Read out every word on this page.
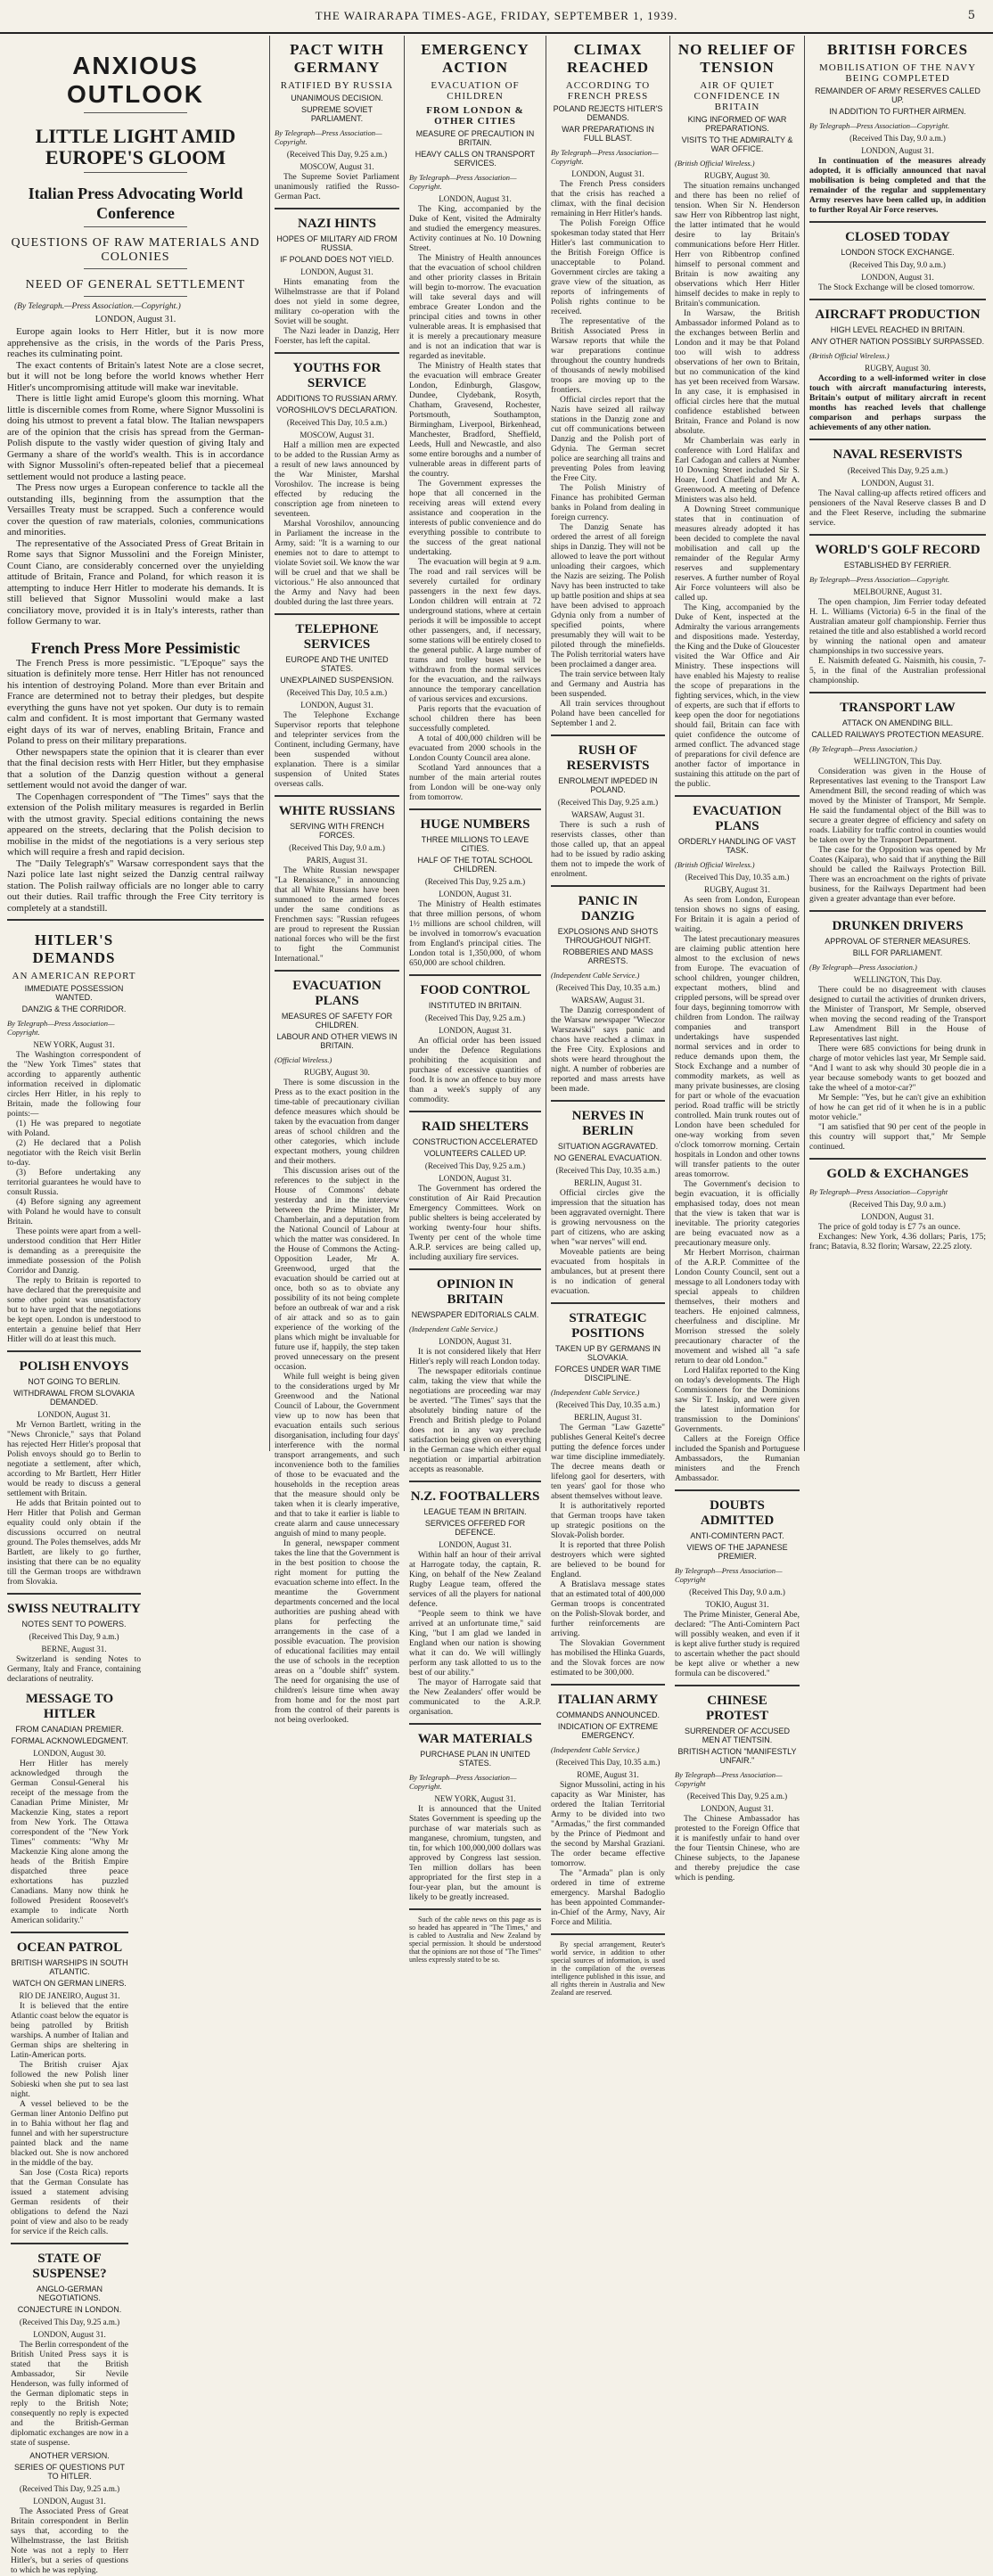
THE WAIRARAPA TIMES-AGE, FRIDAY, SEPTEMBER 1, 1939.	5
ANXIOUS OUTLOOK
LITTLE LIGHT AMID EUROPE'S GLOOM
Italian Press Advocating World Conference
QUESTIONS OF RAW MATERIALS AND COLONIES
NEED OF GENERAL SETTLEMENT
(By Telegraph.—Press Association.—Copyright.)
LONDON, August 31.

Europe again looks to Herr Hitler, but it is now more apprehensive as the crisis, in the words of the Paris Press, reaches its culminating point.

The exact contents of Britain's latest Note are a close secret, but it will not be long before the world knows whether Herr Hitler's uncompromising attitude will make war inevitable.

There is little light amid Europe's gloom this morning. What little is discernible comes from Rome, where Signor Mussolini is doing his utmost to prevent a fatal blow. The Italian newspapers are of the opinion that the crisis has spread from the German-Polish dispute to the vastly wider question of giving Italy and Germany a share of the world's wealth. This is in accordance with Signor Mussolini's often-repeated belief that a piecemeal settlement would not produce a lasting peace.

The Press now urges a European conference to tackle all the outstanding ills, beginning from the assumption that the Versailles Treaty must be scrapped. Such a conference would cover the question of raw materials, colonies, communications and minorities.

The representative of the Associated Press of Great Britain in Rome says that Signor Mussolini and the Foreign Minister, Count Ciano, are considerably concerned over the unyielding attitude of Britain, France and Poland, for which reason it is attempting to induce Herr Hitler to moderate his demands. It is still believed that Signor Mussolini would make a last conciliatory move, provided it is in Italy's interests, rather than follow Germany to war.

French Press More Pessimistic

The French Press is more pessimistic. "L'Epoque" says the situation is definitely more tense. Herr Hitler has not renounced his intention of destroying Poland. More than ever Britain and France are determined not to betray their pledges, but despite everything the guns have not yet spoken. Our duty is to remain calm and confident. It is most important that Germany wasted eight days of its war of nerves, enabling Britain, France and Poland to press on their military preparations.

Other newspapers state the opinion that it is clearer than ever that the final decision rests with Herr Hitler, but they emphasise that a solution of the Danzig question without a general settlement would not avoid the danger of war.

The Copenhagen correspondent of "The Times" says that the extension of the Polish military measures is regarded in Berlin with the utmost gravity. Special editions containing the news appeared on the streets, declaring that the Polish decision to mobilise in the midst of the negotiations is a very serious step which will require a fresh and rapid decision.

The "Daily Telegraph's" Warsaw correspondent says that the Nazi police late last night seized the Danzig central railway station. The Polish railway officials are no longer able to carry out their duties. Rail traffic through the Free City territory is completely at a standstill.

HITLER'S DEMANDS
AN AMERICAN REPORT
IMMEDIATE POSSESSION WANTED.
DANZIG & THE CORRIDOR.
By Telegraph—Press Association—Copyright.
NEW YORK, August 31.

The Washington correspondent of the "New York Times" states that according to apparently authentic information received in diplomatic circles Herr Hitler, in his reply to Britain, made the following four points:—

(1) He was prepared to negotiate with Poland.

(2) He declared that a Polish negotiator with the Reich visit Berlin to-day.

(3) Before undertaking any territorial guarantees he would have to consult Russia.

(4) Before signing any agreement with Poland he would have to consult Britain.

These points were apart from a well-understood condition that Herr Hitler is demanding as a prerequisite the immediate possession of the Polish Corridor and Danzig.

The reply to Britain is reported to have declared that the prerequisite and some other point was unsatisfactory but to have urged that the negotiations be kept open. London is understood to entertain a genuine belief that Herr Hitler will do at least this much.

POLISH ENVOYS
NOT GOING TO BERLIN.
WITHDRAWAL FROM SLOVAKIA DEMANDED.
LONDON, August 31.

Mr Vernon Bartlett, writing in the "News Chronicle," says that Poland has rejected Herr Hitler's proposal that Polish envoys should go to Berlin to negotiate a settlement, after which, according to Mr Bartlett, Herr Hitler would be ready to discuss a general settlement with Britain.

He adds that Britain pointed out to Herr Hitler that Polish and German equality could only obtain if the discussions occurred on neutral ground. The Poles themselves, adds Mr Bartlett, are likely to go further, insisting that there can be no equality till the German troops are withdrawn from Slovakia.

SWISS NEUTRALITY
NOTES SENT TO POWERS.
(Received This Day, 9 a.m.)
BERNE, August 31.

Switzerland is sending Notes to Germany, Italy and France, containing declarations of neutrality.

MESSAGE TO HITLER
FROM CANADIAN PREMIER.
FORMAL ACKNOWLEDGMENT.
LONDON, August 30.

Herr Hitler has merely acknowledged through the German Consul-General his receipt of the message from the Canadian Prime Minister, Mr Mackenzie King, states a report from New York. The Ottawa correspondent of the "New York Times" comments: "Why Mr Mackenzie King alone among the heads of the British Empire dispatched three peace exhortations has puzzled Canadians. Many now think he followed President Roosevelt's example to indicate North American solidarity."

OCEAN PATROL
BRITISH WARSHIPS IN SOUTH ATLANTIC.
WATCH ON GERMAN LINERS.
RIO DE JANEIRO, August 31.

It is believed that the entire Atlantic coast below the equator is being patrolled by British warships. A number of Italian and German ships are sheltering in Latin-American ports.

The British cruiser Ajax followed the new Polish liner Sobieski when she put to sea last night.

A vessel believed to be the German liner Antonio Delfino put in to Bahia without her flag and funnel and with her superstructure painted black and the name blacked out. She is now anchored in the middle of the bay.

San Jose (Costa Rica) reports that the German Consulate has issued a statement advising German residents of their obligations to defend the Nazi point of view and also to be ready for service if the Reich calls.

STATE OF SUSPENSE?
ANGLO-GERMAN NEGOTIATIONS.
CONJECTURE IN LONDON.
(Received This Day, 9.25 a.m.)
LONDON, August 31.

The Berlin correspondent of the British United Press says it is stated that the British Ambassador, Sir Nevile Henderson, was fully informed of the German diplomatic steps in reply to the British Note; consequently no reply is expected and the British-German diplomatic exchanges are now in a state of suspense.

ANOTHER VERSION.
SERIES OF QUESTIONS PUT TO HITLER.
(Received This Day, 9.25 a.m.)
LONDON, August 31.

The Associated Press of Great Britain correspondent in Berlin says that, according to the Wilhelmstrasse, the last British Note was not a reply to Herr Hitler's, but a series of questions to which he was replying.

PACT WITH GERMANY
RATIFIED BY RUSSIA
UNANIMOUS DECISION.
SUPREME SOVIET PARLIAMENT.
By Telegraph—Press Association—Copyright.
(Received This Day, 9.25 a.m.)
MOSCOW, August 31.

The Supreme Soviet Parliament unanimously ratified the Russo-German Pact.

NAZI HINTS
HOPES OF MILITARY AID FROM RUSSIA.
IF POLAND DOES NOT YIELD.
LONDON, August 31.

Hints emanating from the Wilhelmstrasse are that if Poland does not yield in some degree, military co-operation with the Soviet will be sought.

The Nazi leader in Danzig, Herr Foerster, has left the capital.

YOUTHS FOR SERVICE
ADDITIONS TO RUSSIAN ARMY.
VOROSHILOV'S DECLARATION.
(Received This Day, 10.5 a.m.)
MOSCOW, August 31.

Half a million men are expected to be added to the Russian Army as a result of new laws announced by the War Minister, Marshal Voroshilov. The increase is being effected by reducing the conscription age from nineteen to seventeen.

Marshal Voroshilov, announcing in Parliament the increase in the Army, said: "It is a warning to our enemies not to dare to attempt to violate Soviet soil. We know the war will be cruel and that we shall be victorious." He also announced that the Army and Navy had been doubled during the last three years.

TELEPHONE SERVICES
EUROPE AND THE UNITED STATES.
UNEXPLAINED SUSPENSION.
(Received This Day, 10.5 a.m.)
LONDON, August 31.

The Telephone Exchange Supervisor reports that telephone and teleprinter services from the Continent, including Germany, have been suspended without explanation. There is a similar suspension of United States overseas calls.

WHITE RUSSIANS
SERVING WITH FRENCH FORCES.
(Received This Day, 9.0 a.m.)
PARIS, August 31.

The White Russian newspaper "La Renaissance," in announcing that all White Russians have been summoned to the armed forces under the same conditions as Frenchmen says: "Russian refugees are proud to represent the Russian national forces who will be the first to fight the Communist International."

EVACUATION PLANS
MEASURES OF SAFETY FOR CHILDREN.
LABOUR AND OTHER VIEWS IN BRITAIN.
(Official Wireless.)
RUGBY, August 30.

There is some discussion in the Press as to the exact position in the time-table of precautionary civilian defence measures which should be taken by the evacuation from danger areas of school children and the other categories, which include expectant mothers, young children and their mothers.

This discussion arises out of the references to the subject in the House of Commons' debate yesterday and in the interview between the Prime Minister, Mr Chamberlain, and a deputation from the National Council of Labour at which the matter was considered. In the House of Commons the Acting-Opposition Leader, Mr A. Greenwood, urged that the evacuation should be carried out at once, both so as to obviate any possibility of its not being complete before an outbreak of war and a risk of air attack and so as to gain experience of the working of the plans which might be invaluable for future use if, happily, the step taken proved unnecessary on the present occasion.

While full weight is being given to the considerations urged by Mr Greenwood and the National Council of Labour, the Government view up to now has been that evacuation entails such serious disorganisation, including four days' interference with the normal transport arrangements, and such inconvenience both to the families of those to be evacuated and the households in the reception areas that the measure should only be taken when it is clearly imperative, and that to take it earlier is liable to create alarm and cause unnecessary anguish of mind to many people.

In general, newspaper comment takes the line that the Government is in the best position to choose the right moment for putting the evacuation scheme into effect. In the meantime the Government departments concerned and the local authorities are pushing ahead with plans for perfecting the arrangements in the case of a possible evacuation. The provision of educational facilities may entail the use of schools in the reception areas on a "double shift" system. The need for organising the use of children's leisure time when away from home and for the most part from the control of their parents is not being overlooked.

EMERGENCY ACTION
EVACUATION OF CHILDREN
FROM LONDON & OTHER CITIES
MEASURE OF PRECAUTION IN BRITAIN.
HEAVY CALLS ON TRANSPORT SERVICES.
By Telegraph—Press Association—Copyright.
LONDON, August 31.

The King, accompanied by the Duke of Kent, visited the Admiralty and studied the emergency measures. Activity continues at No. 10 Downing Street.

The Ministry of Health announces that the evacuation of school children and other priority classes in Britain will begin to-morrow. The evacuation will take several days and will embrace Greater London and the principal cities and towns in other vulnerable areas. It is emphasised that it is merely a precautionary measure and is not an indication that war is regarded as inevitable.

The Ministry of Health states that the evacuation will embrace Greater London, Edinburgh, Glasgow, Dundee, Clydebank, Rosyth, Chatham, Gravesend, Rochester, Portsmouth, Southampton, Birmingham, Liverpool, Birkenhead, Manchester, Bradford, Sheffield, Leeds, Hull and Newcastle, and also some entire boroughs and a number of vulnerable areas in different parts of the country.

The Government expresses the hope that all concerned in the receiving areas will extend every assistance and cooperation in the interests of public convenience and do everything possible to contribute to the success of the great national undertaking.

The evacuation will begin at 9 a.m. The road and rail services will be severely curtailed for ordinary passengers in the next few days. London children will entrain at 72 underground stations, where at certain periods it will be impossible to accept other passengers, and, if necessary, some stations will be entirely closed to the general public. A large number of trams and trolley buses will be withdrawn from the normal services for the evacuation, and the railways announce the temporary cancellation of various services and excursions.

Paris reports that the evacuation of school children there has been successfully completed.

A total of 400,000 children will be evacuated from 2000 schools in the London County Council area alone.

Scotland Yard announces that a number of the main arterial routes from London will be one-way only from tomorrow.

HUGE NUMBERS
THREE MILLIONS TO LEAVE CITIES.
HALF OF THE TOTAL SCHOOL CHILDREN.
(Received This Day, 9.25 a.m.)
LONDON, August 31.

The Ministry of Health estimates that three million persons, of whom 1½ millions are school children, will be involved in tomorrow's evacuation from England's principal cities. The London total is 1,350,000, of whom 650,000 are school children.

FOOD CONTROL
INSTITUTED IN BRITAIN.
(Received This Day, 9.25 a.m.)
LONDON, August 31.

An official order has been issued under the Defence Regulations prohibiting the acquisition and purchase of excessive quantities of food. It is now an offence to buy more than a week's supply of any commodity.

RAID SHELTERS
CONSTRUCTION ACCELERATED
VOLUNTEERS CALLED UP.
(Received This Day, 9.25 a.m.)
LONDON, August 31.

The Government has ordered the constitution of Air Raid Precaution Emergency Committees. Work on public shelters is being accelerated by working twenty-four hour shifts. Twenty per cent of the whole time A.R.P. services are being called up, including auxiliary fire services.

OPINION IN BRITAIN
NEWSPAPER EDITORIALS CALM.
(Independent Cable Service.)
LONDON, August 31.

It is not considered likely that Herr Hitler's reply will reach London today.

The newspaper editorials continue calm, taking the view that while the negotiations are proceeding war may be averted. "The Times" says that the absolutely binding nature of the French and British pledge to Poland does not in any way preclude satisfaction being given on everything in the German case which either equal negotiation or impartial arbitration accepts as reasonable.

N.Z. FOOTBALLERS
LEAGUE TEAM IN BRITAIN.
SERVICES OFFERED FOR DEFENCE.
LONDON, August 31.

Within half an hour of their arrival at Harrogate today, the captain, R. King, on behalf of the New Zealand Rugby League team, offered the services of all the players for national defence.

"People seem to think we have arrived at an unfortunate time," said King, "but I am glad we landed in England when our nation is showing what it can do. We will willingly perform any task allotted to us to the best of our ability."

The mayor of Harrogate said that the New Zealanders' offer would be communicated to the A.R.P. organisation.

WAR MATERIALS
PURCHASE PLAN IN UNITED STATES.
By Telegraph—Press Association—Copyright.
NEW YORK, August 31.

It is announced that the United States Government is speeding up the purchase of war materials such as manganese, chromium, tungsten, and tin, for which 100,000,000 dollars was approved by Congress last session. Ten million dollars has been appropriated for the first step in a four-year plan, but the amount is likely to be greatly increased.

Such of the cable news on this page as is so headed has appeared in "The Times," and is cabled to Australia and New Zealand by special permission. It should be understood that the opinions are not those of "The Times" unless expressly stated to be so.

CLIMAX REACHED
ACCORDING TO FRENCH PRESS
POLAND REJECTS HITLER'S DEMANDS.
WAR PREPARATIONS IN FULL BLAST.
By Telegraph—Press Association—Copyright.
LONDON, August 31.

The French Press considers that the crisis has reached a climax, with the final decision remaining in Herr Hitler's hands.

The Polish Foreign Office spokesman today stated that Herr Hitler's last communication to the British Foreign Office is unacceptable to Poland. Government circles are taking a grave view of the situation, as reports of infringements of Polish rights continue to be received.

The representative of the British Associated Press in Warsaw reports that while the war preparations continue throughout the country hundreds of thousands of newly mobilised troops are moving up to the frontiers.

Official circles report that the Nazis have seized all railway stations in the Danzig zone and cut off communications between Danzig and the Polish port of Gdynia. The German secret police are searching all trains and preventing Poles from leaving the Free City.

The Polish Ministry of Finance has prohibited German banks in Poland from dealing in foreign currency.

The Danzig Senate has ordered the arrest of all foreign ships in Danzig. They will not be allowed to leave the port without unloading their cargoes, which the Nazis are seizing. The Polish Navy has been instructed to take up battle position and ships at sea have been advised to approach Gdynia only from a number of specified points, where presumably they will wait to be piloted through the minefields. The Polish territorial waters have been proclaimed a danger area.

The train service between Italy and Germany and Austria has been suspended.

All train services throughout Poland have been cancelled for September 1 and 2.

RUSH OF RESERVISTS
ENROLMENT IMPEDED IN POLAND.
(Received This Day, 9.25 a.m.)
WARSAW, August 31.

There is such a rush of reservists classes, other than those called up, that an appeal had to be issued by radio asking them not to impede the work of enrolment.

PANIC IN DANZIG
EXPLOSIONS AND SHOTS THROUGHOUT NIGHT.
ROBBERIES AND MASS ARRESTS.
(Independent Cable Service.)
(Received This Day, 10.35 a.m.)
WARSAW, August 31.

The Danzig correspondent of the Warsaw newspaper "Wieczor Warszawski" says panic and chaos have reached a climax in the Free City. Explosions and shots were heard throughout the night. A number of robberies are reported and mass arrests have been made.

NERVES IN BERLIN
SITUATION AGGRAVATED.
NO GENERAL EVACUATION.
(Received This Day, 10.35 a.m.)
BERLIN, August 31.

Official circles give the impression that the situation has been aggravated overnight. There is growing nervousness on the part of citizens, who are asking when "war nerves" will end.

Moveable patients are being evacuated from hospitals in ambulances, but at present there is no indication of general evacuation.

STRATEGIC POSITIONS
TAKEN UP BY GERMANS IN SLOVAKIA.
FORCES UNDER WAR TIME DISCIPLINE.
(Independent Cable Service.)
(Received This Day, 10.35 a.m.)
BERLIN, August 31.

The German "Law Gazette" publishes General Keitel's decree putting the defence forces under war time discipline immediately. The decree means death or lifelong gaol for deserters, with ten years' gaol for those who absent themselves without leave.

It is authoritatively reported that German troops have taken up strategic positions on the Slovak-Polish border.

It is reported that three Polish destroyers which were sighted are believed to be bound for England.

A Bratislava message states that an estimated total of 400,000 German troops is concentrated on the Polish-Slovak border, and further reinforcements are arriving.

The Slovakian Government has mobilised the Hlinka Guards, and the Slovak forces are now estimated to be 300,000.

ITALIAN ARMY
COMMANDS ANNOUNCED.
INDICATION OF EXTREME EMERGENCY.
(Independent Cable Service.)
(Received This Day, 10.35 a.m.)
ROME, August 31.

Signor Mussolini, acting in his capacity as War Minister, has ordered the Italian Territorial Army to be divided into two "Armadas," the first commanded by the Prince of Piedmont and the second by Marshal Graziani. The order became effective tomorrow.

The "Armada" plan is only ordered in time of extreme emergency. Marshal Badoglio has been appointed Commander-in-Chief of the Army, Navy, Air Force and Militia.

By special arrangement, Reuter's world service, in addition to other special sources of information, is used in the compilation of the overseas intelligence published in this issue, and all rights therein in Australia and New Zealand are reserved.

NO RELIEF OF TENSION
AIR OF QUIET CONFIDENCE IN BRITAIN
KING INFORMED OF WAR PREPARATIONS.
VISITS TO THE ADMIRALTY & WAR OFFICE.
(British Official Wireless.)
RUGBY, August 30.

The situation remains unchanged and there has been no relief of tension. When Sir N. Henderson saw Herr von Ribbentrop last night, the latter intimated that he would desire to lay Britain's communications before Herr Hitler. Herr von Ribbentrop confined himself to personal comment and Britain is now awaiting any observations which Herr Hitler himself decides to make in reply to Britain's communication.

In Warsaw, the British Ambassador informed Poland as to the exchanges between Berlin and London and it may be that Poland too will wish to address observations of her own to Britain, but no communication of the kind has yet been received from Warsaw. In any case, it is emphasised in official circles here that the mutual confidence established between Britain, France and Poland is now absolute.

Mr Chamberlain was early in conference with Lord Halifax and Earl Cadogan and callers at Number 10 Downing Street included Sir S. Hoare, Lord Chatfield and Mr A. Greenwood. A meeting of Defence Ministers was also held.

A Downing Street communique states that in continuation of measures already adopted it has been decided to complete the naval mobilisation and call up the remainder of the Regular Army reserves and supplementary reserves. A further number of Royal Air Force volunteers will also be called up.

The King, accompanied by the Duke of Kent, inspected at the Admiralty the various arrangements and dispositions made. Yesterday, the King and the Duke of Gloucester visited the War Office and Air Ministry. These inspections will have enabled his Majesty to realise the scope of preparations in the fighting services, which, in the view of experts, are such that if efforts to keep open the door for negotiations should fail, Britain can face with quiet confidence the outcome of armed conflict. The advanced stage of preparations for civil defence are another factor of importance in sustaining this attitude on the part of the public.

EVACUATION PLANS
ORDERLY HANDLING OF VAST TASK.
(British Official Wireless.)
(Received This Day, 10.35 a.m.)
RUGBY, August 31.

As seen from London, European tension shows no signs of easing. For Britain it is again a period of waiting.

The latest precautionary measures are claiming public attention here almost to the exclusion of news from Europe. The evacuation of school children, younger children, expectant mothers, blind and crippled persons, will be spread over four days, beginning tomorrow with children from London. The railway companies and transport undertakings have suspended normal services and in order to reduce demands upon them, the Stock Exchange and a number of commodity markets, as well as many private businesses, are closing for part or whole of the evacuation period. Road traffic will be strictly controlled. Main trunk routes out of London have been scheduled for one-way working from seven o'clock tomorrow morning. Certain hospitals in London and other towns will transfer patients to the outer areas tomorrow.

The Government's decision to begin evacuation, it is officially emphasised today, does not mean that the view is taken that war is inevitable. The priority categories are being evacuated now as a precautionary measure only.

Mr Herbert Morrison, chairman of the A.R.P. Committee of the London County Council, sent out a message to all Londoners today with special appeals to children themselves, their mothers and teachers. He enjoined calmness, cheerfulness and discipline. Mr Morrison stressed the solely precautionary character of the movement and wished all "a safe return to dear old London."

Lord Halifax reported to the King on today's developments. The High Commissioners for the Dominions saw Sir T. Inskip, and were given the latest information for transmission to the Dominions' Governments.

Callers at the Foreign Office included the Spanish and Portuguese Ambassadors, the Rumanian ministers and the French Ambassador.

DOUBTS ADMITTED
ANTI-COMINTERN PACT.
VIEWS OF THE JAPANESE PREMIER.
By Telegraph—Press Association—Copyright
(Received This Day, 9.0 a.m.)
TOKIO, August 31.

The Prime Minister, General Abe, declared: "The Anti-Comintern Pact will possibly weaken, and even if it is kept alive further study is required to ascertain whether the pact should be kept alive or whether a new formula can be discovered."

CHINESE PROTEST
SURRENDER OF ACCUSED MEN AT TIENTSIN.
BRITISH ACTION "MANIFESTLY UNFAIR."
By Telegraph—Press Association—Copyright
(Received This Day, 9.25 a.m.)
LONDON, August 31.

The Chinese Ambassador has protested to the Foreign Office that it is manifestly unfair to hand over the four Tientsin Chinese, who are Chinese subjects, to the Japanese and thereby prejudice the case which is pending.

BRITISH FORCES
MOBILISATION OF THE NAVY BEING COMPLETED
REMAINDER OF ARMY RESERVES CALLED UP.
IN ADDITION TO FURTHER AIRMEN.
By Telegraph—Press Association—Copyright.
(Received This Day, 9.0 a.m.)
LONDON, August 31.

In continuation of the measures already adopted, it is officially announced that naval mobilisation is being completed and that the remainder of the regular and supplementary Army reserves have been called up, in addition to further Royal Air Force reserves.

CLOSED TODAY
LONDON STOCK EXCHANGE.
(Received This Day, 9.0 a.m.)
LONDON, August 31.

The Stock Exchange will be closed tomorrow.

AIRCRAFT PRODUCTION
HIGH LEVEL REACHED IN BRITAIN.
ANY OTHER NATION POSSIBLY SURPASSED.
(British Official Wireless.)
RUGBY, August 30.

According to a well-informed writer in close touch with aircraft manufacturing interests, Britain's output of military aircraft in recent months has reached levels that challenge comparison and perhaps surpass the achievements of any other nation.

NAVAL RESERVISTS
(Received This Day, 9.25 a.m.)
LONDON, August 31.

The Naval calling-up affects retired officers and pensioners of the Naval Reserve classes B and D and the Fleet Reserve, including the submarine service.

WORLD'S GOLF RECORD
ESTABLISHED BY FERRIER.
By Telegraph—Press Association—Copyright.
MELBOURNE, August 31.

The open champion, Jim Ferrier today defeated H. L. Williams (Victoria) 6-5 in the final of the Australian amateur golf championship. Ferrier thus retained the title and also established a world record by winning the national open and amateur championships in two successive years.

E. Naismith defeated G. Naismith, his cousin, 7-5, in the final of the Australian professional championship.

TRANSPORT LAW
ATTACK ON AMENDING BILL.
CALLED RAILWAYS PROTECTION MEASURE.
(By Telegraph—Press Association.)
WELLINGTON, This Day.

Consideration was given in the House of Representatives last evening to the Transport Law Amendment Bill, the second reading of which was moved by the Minister of Transport, Mr Semple. He said the fundamental object of the Bill was to secure a greater degree of efficiency and safety on roads. Liability for traffic control in counties would be taken over by the Transport Department.

The case for the Opposition was opened by Mr Coates (Kaipara), who said that if anything the Bill should be called the Railways Protection Bill. There was an encroachment on the rights of private business, for the Railways Department had been given a greater advantage than ever before.

DRUNKEN DRIVERS
APPROVAL OF STERNER MEASURES.
BILL FOR PARLIAMENT.
(By Telegraph—Press Association.)
WELLINGTON, This Day.

There could be no disagreement with clauses designed to curtail the activities of drunken drivers, the Minister of Transport, Mr Semple, observed when moving the second reading of the Transport Law Amendment Bill in the House of Representatives last night.

There were 685 convictions for being drunk in charge of motor vehicles last year, Mr Semple said. "And I want to ask why should 30 people die in a year because somebody wants to get boozed and take the wheel of a motor-car?"

Mr Semple: "Yes, but he can't give an exhibition of how he can get rid of it when he is in a public motor vehicle."

"I am satisfied that 90 per cent of the people in this country will support that," Mr Semple continued.

GOLD & EXCHANGES
By Telegraph—Press Association—Copyright
(Received This Day, 9.0 a.m.)
LONDON, August 31.

The price of gold today is £7 7s an ounce.

Exchanges: New York, 4.36 dollars; Paris, 175; franc; Batavia, 8.32 florin; Warsaw, 22.25 zloty.
